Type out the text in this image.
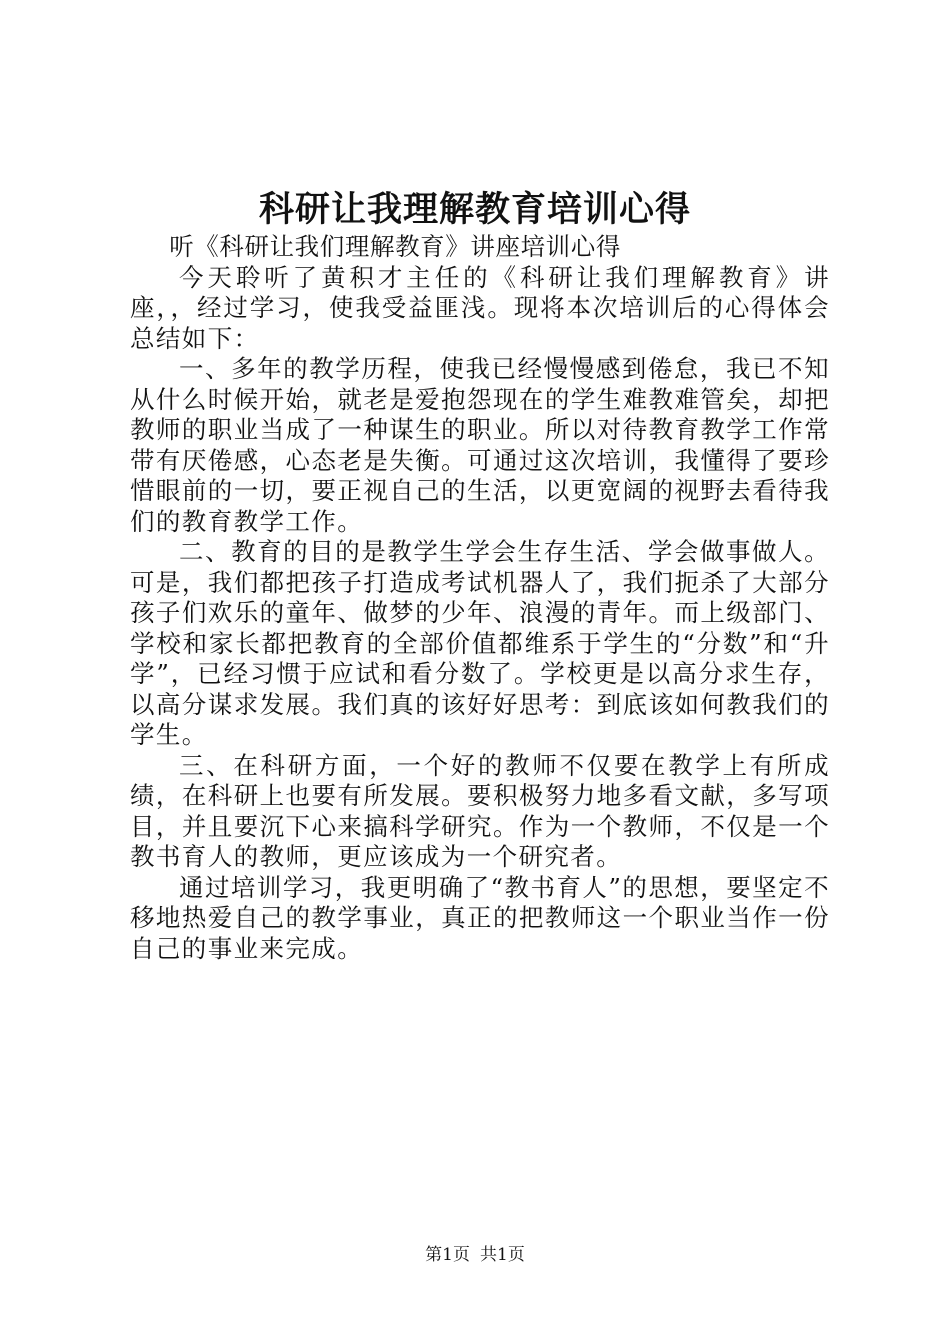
科研让我理解教育培训心得

听《科研让我们理解教育》讲座培训心得

今天聆听了黄积才主任的《科研让我们理解教育》讲座，，经过学习，使我受益匪浅。现将本次培训后的心得体会总结如下：

一、多年的教学历程，使我已经慢慢感到倦怠，我已不知从什么时候开始，就老是爱抱怨现在的学生难教难管矣，却把教师的职业当成了一种谋生的职业。所以对待教育教学工作常带有厌倦感，心态老是失衡。可通过这次培训，我懂得了要珍惜眼前的一切，要正视自己的生活，以更宽阔的视野去看待我们的教育教学工作。

二、教育的目的是教学生学会生存生活、学会做事做人。可是，我们都把孩子打造成考试机器人了，我们扼杀了大部分孩子们欢乐的童年、做梦的少年、浪漫的青年。而上级部门、学校和家长都把教育的全部价值都维系于学生的“分数”和“升学”，已经习惯于应试和看分数了。学校更是以高分求生存，以高分谋求发展。我们真的该好好思考：到底该如何教我们的学生。

三、在科研方面，一个好的教师不仅要在教学上有所成绩，在科研上也要有所发展。要积极努力地多看文献，多写项目，并且要沉下心来搞科学研究。作为一个教师，不仅是一个教书育人的教师，更应该成为一个研究者。

通过培训学习，我更明确了“教书育人”的思想，要坚定不移地热爱自己的教学事业，真正的把教师这一个职业当作一份自己的事业来完成。

第1页 共1页
